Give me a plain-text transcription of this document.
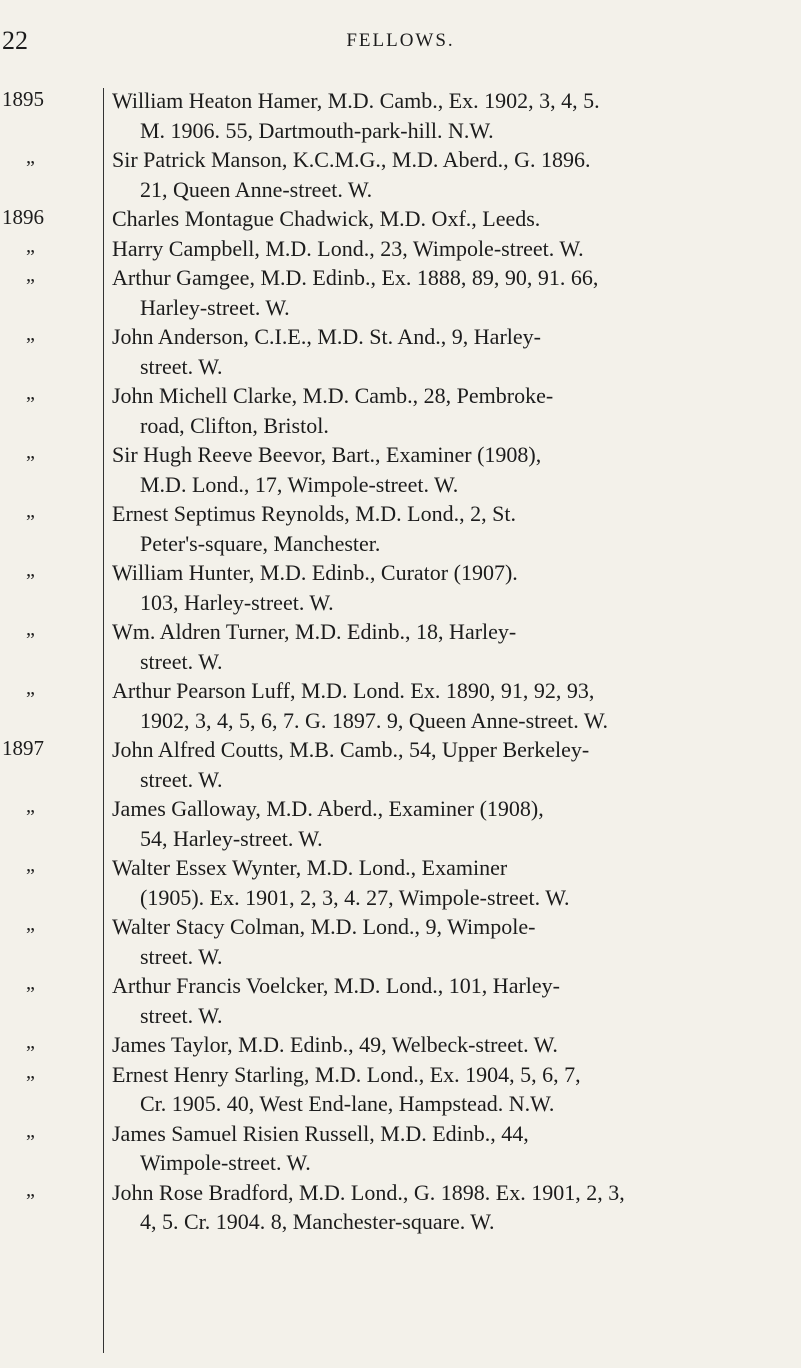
22	FELLOWS.
1895	William Heaton Hamer, M.D. Camb., Ex. 1902, 3, 4, 5.
M. 1906. 55, Dartmouth-park-hill. N.W.
„	Sir Patrick Manson, K.C.M.G., M.D. Aberd., G. 1896.
21, Queen Anne-street. W.
1896	Charles Montague Chadwick, M.D. Oxf., Leeds.
„	Harry Campbell, M.D. Lond., 23, Wimpole-street. W.
„	Arthur Gamgee, M.D. Edinb., Ex. 1888, 89, 90, 91. 66,
Harley-street. W.
„	John Anderson, C.I.E., M.D. St. And., 9, Harley-
street. W.
„	John Michell Clarke, M.D. Camb., 28, Pembroke-
road, Clifton, Bristol.
„	Sir Hugh Reeve Beevor, Bart., Examiner (1908),
M.D. Lond., 17, Wimpole-street. W.
„	Ernest Septimus Reynolds, M.D. Lond., 2, St.
Peter's-square, Manchester.
„	William Hunter, M.D. Edinb., Curator (1907).
103, Harley-street. W.
„	Wm. Aldren Turner, M.D. Edinb., 18, Harley-
street. W.
„	Arthur Pearson Luff, M.D. Lond. Ex. 1890, 91, 92, 93,
1902, 3, 4, 5, 6, 7. G. 1897. 9, Queen Anne-street. W.
1897	John Alfred Coutts, M.B. Camb., 54, Upper Berkeley-
street. W.
„	James Galloway, M.D. Aberd., Examiner (1908),
54, Harley-street. W.
„	Walter Essex Wynter, M.D. Lond., Examiner
(1905). Ex. 1901, 2, 3, 4. 27, Wimpole-street. W.
„	Walter Stacy Colman, M.D. Lond., 9, Wimpole-
street. W.
„	Arthur Francis Voelcker, M.D. Lond., 101, Harley-
street. W.
„	James Taylor, M.D. Edinb., 49, Welbeck-street. W.
„	Ernest Henry Starling, M.D. Lond., Ex. 1904, 5, 6, 7,
Cr. 1905. 40, West End-lane, Hampstead. N.W.
„	James Samuel Risien Russell, M.D. Edinb., 44,
Wimpole-street. W.
„	John Rose Bradford, M.D. Lond., G. 1898. Ex. 1901, 2, 3,
4, 5. Cr. 1904. 8, Manchester-square. W.
